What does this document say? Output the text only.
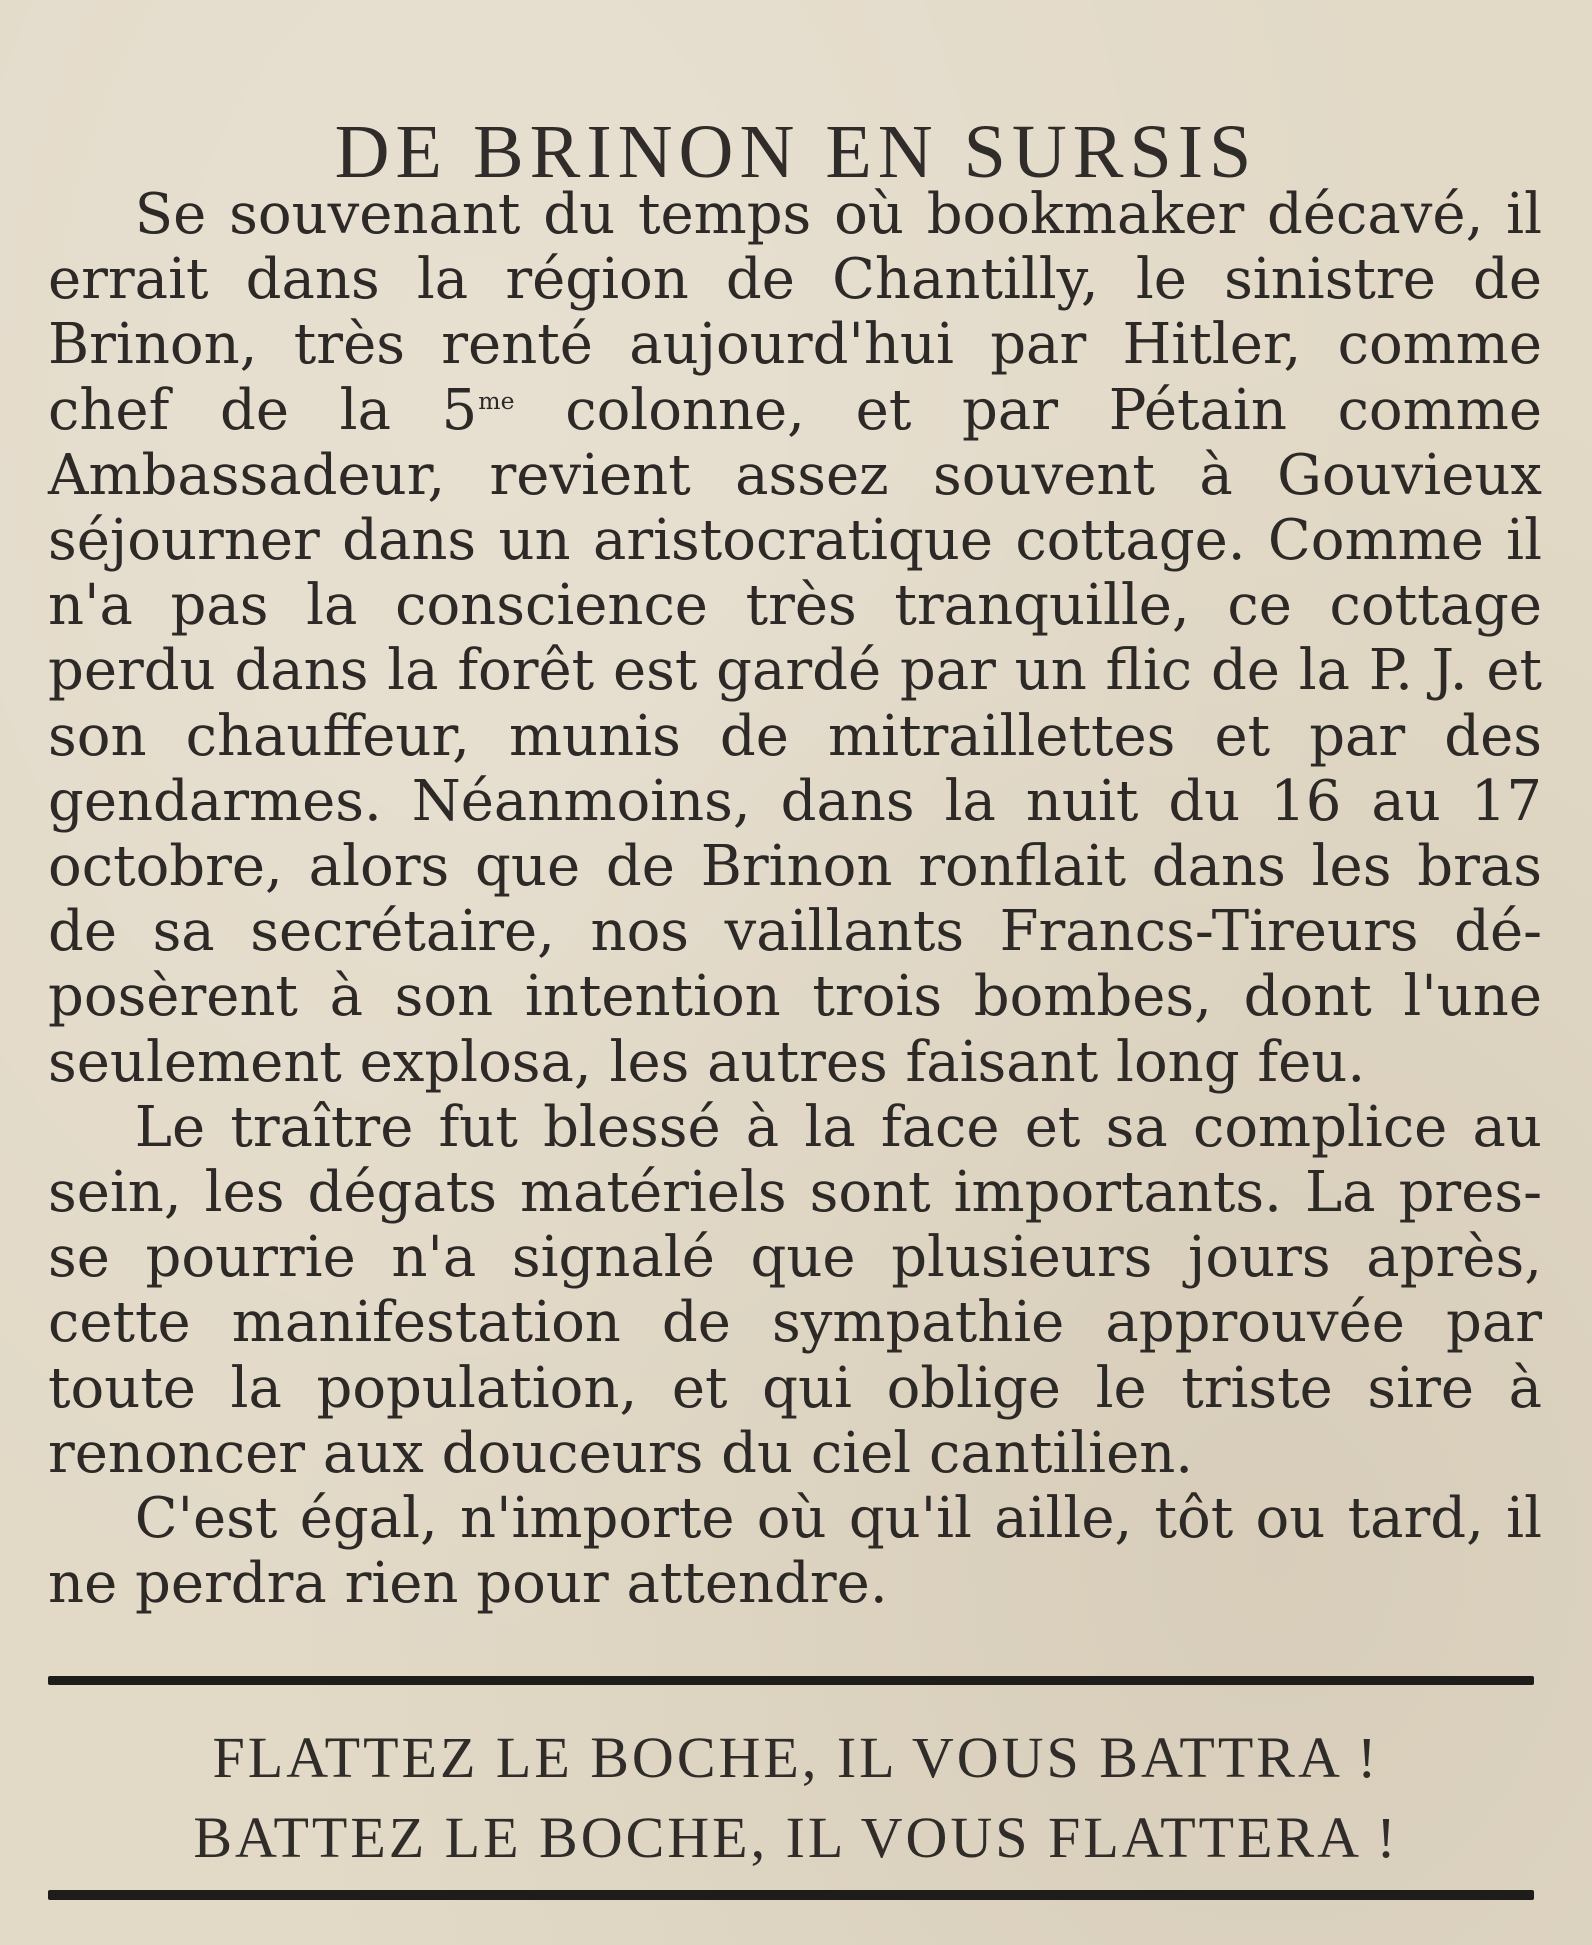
DE BRINON EN SURSIS

Se souvenant du temps où bookmaker décavé, il errait dans la région de Chantilly, le sinistre de Brinon, très renté aujourd'hui par Hitler, comme chef de la $5^{me}$ colonne, et par Pétain comme Ambassadeur, revient assez souvent à Gouvieux séjourner dans un aristocratique cottage. Comme il n'a pas la conscience très tranquille, ce cottage perdu dans la forêt est gardé par un flic de la P. J. et son chauffeur, munis de mitraillettes et par des gendarmes. Néanmoins, dans la nuit du 16 au 17 octobre, alors que de Brinon ronflait dans les bras de sa secrétaire, nos vaillants Francs-Tireurs déposèrent à son intention trois bombes, dont l'une seulement explosa, les autres faisant long feu.

Le traître fut blessé à la face et sa complice au sein, les dégats matériels sont importants. La presse pourrie n'a signalé que plusieurs jours après, cette manifestation de sympathie approuvée par toute la population, et qui oblige le triste sire à renoncer aux douceurs du ciel cantilien.

C'est égal, n'importe où qu'il aille, tôt ou tard, il ne perdra rien pour attendre.

FLATTEZ LE BOCHE, IL VOUS BATTRA !
BATTEZ LE BOCHE, IL VOUS FLATTERA !
